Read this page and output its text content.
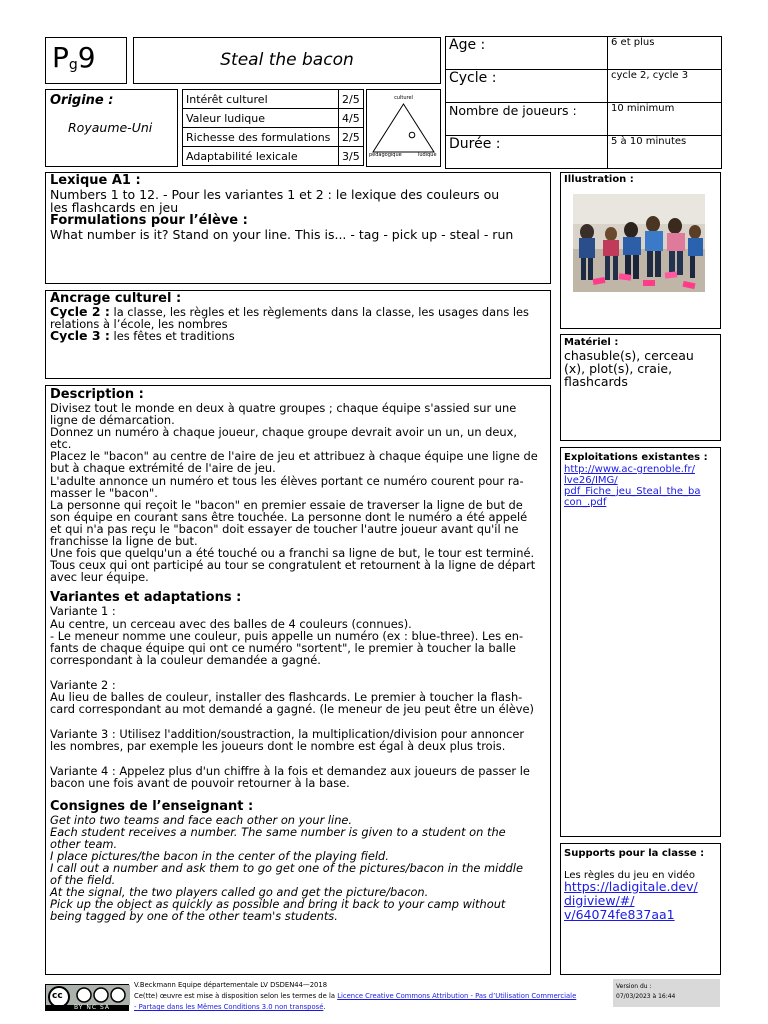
$P_g9$	Steal the bacon
Age :	6 et plus
Cycle :	cycle 2, cycle 3
Nombre de joueurs :	10 minimum
Durée :	5 à 10 minutes
Origine :
Royaume-Uni
Intérêt culturel	2/5
Valeur ludique	4/5
Richesse des formulations	2/5
Adaptabilité lexicale	3/5
culturel
pédagogique	ludique
Lexique A1 :
Numbers 1 to 12. - Pour les variantes 1 et 2 : le lexique des couleurs ou
les flashcards en jeu
Formulations pour l’élève :
What number is it? Stand on your line. This is... - tag - pick up - steal - run
Ancrage culturel :
Cycle 2 : la classe, les règles et les règlements dans la classe, les usages dans les
relations à l’école, les nombres
Cycle 3 : les fêtes et traditions
Description :
Divisez tout le monde en deux à quatre groupes ; chaque équipe s'assied sur une
ligne de démarcation.
Donnez un numéro à chaque joueur, chaque groupe devrait avoir un un, un deux,
etc.
Placez le "bacon" au centre de l'aire de jeu et attribuez à chaque équipe une ligne de
but à chaque extrémité de l'aire de jeu.
L'adulte annonce un numéro et tous les élèves portant ce numéro courent pour ra-
masser le "bacon".
La personne qui reçoit le "bacon" en premier essaie de traverser la ligne de but de
son équipe en courant sans être touchée. La personne dont le numéro a été appelé
et qui n'a pas reçu le "bacon" doit essayer de toucher l'autre joueur avant qu'il ne
franchisse la ligne de but.
Une fois que quelqu'un a été touché ou a franchi sa ligne de but, le tour est terminé.
Tous ceux qui ont participé au tour se congratulent et retournent à la ligne de départ
avec leur équipe.
Variantes et adaptations :
Variante 1 :
Au centre, un cerceau avec des balles de 4 couleurs (connues).
- Le meneur nomme une couleur, puis appelle un numéro (ex : blue-three). Les en-
fants de chaque équipe qui ont ce numéro "sortent", le premier à toucher la balle
correspondant à la couleur demandée a gagné.
Variante 2 :
Au lieu de balles de couleur, installer des flashcards. Le premier à toucher la flash-
card correspondant au mot demandé a gagné. (le meneur de jeu peut être un élève)
Variante 3 : Utilisez l'addition/soustraction, la multiplication/division pour annoncer
les nombres, par exemple les joueurs dont le nombre est égal à deux plus trois.
Variante 4 : Appelez plus d'un chiffre à la fois et demandez aux joueurs de passer le
bacon une fois avant de pouvoir retourner à la base.
Consignes de l’enseignant :
Get into two teams and face each other on your line.
Each student receives a number. The same number is given to a student on the
other team.
I place pictures/the bacon in the center of the playing field.
I call out a number and ask them to go get one of the pictures/bacon in the middle
of the field.
At the signal, the two players called go and get the picture/bacon.
Pick up the object as quickly as possible and bring it back to your camp without
being tagged by one of the other team's students.
Illustration :
Matériel :
chasuble(s), cerceau
(x), plot(s), craie,
flashcards
Exploitations existantes :
http://www.ac-grenoble.fr/
lve26/IMG/
pdf_Fiche_jeu_Steal_the_ba
con_.pdf
Supports pour la classe :
Les règles du jeu en vidéo
https://ladigitale.dev/
digiview/#/
v/64074fe837aa1
cc
BY NC SA
V.Beckmann Equipe départementale LV DSDEN44—2018
Ce(tte) œuvre est mise à disposition selon les termes de la Licence Creative Commons Attribution - Pas d’Utilisation Commerciale
- Partage dans les Mêmes Conditions 3.0 non transposé.
Version du :
07/03/2023 à 16:44
